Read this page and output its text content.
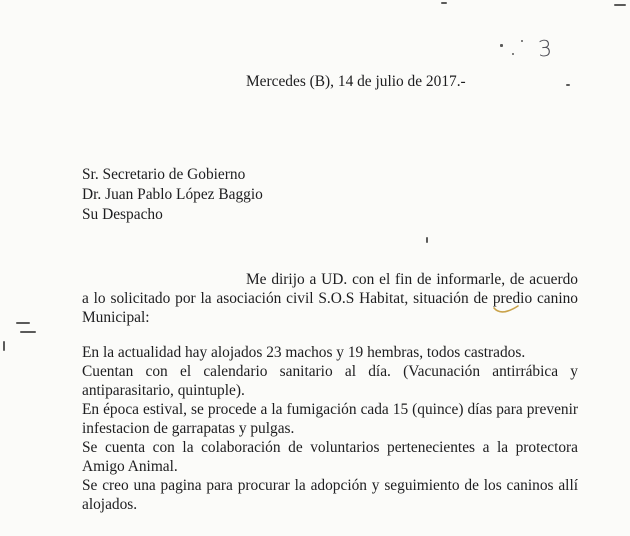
3
Mercedes (B), 14 de julio de 2017.-
Sr. Secretario de Gobierno
Dr. Juan Pablo López Baggio
Su Despacho

Me dirijo a UD. con el fin de informarle, de acuerdo a lo solicitado por la asociación civil S.O.S Habitat, situación de predio canino Municipal:

En la actualidad hay alojados 23 machos y 19 hembras, todos castrados.

Cuentan con el calendario sanitario al día. (Vacunación antirrábica y antiparasitario, quintuple).

En época estival, se procede a la fumigación cada 15 (quince) días para prevenir infestacion de garrapatas y pulgas.

Se cuenta con la colaboración de voluntarios pertenecientes a la protectora Amigo Animal.

Se creo una pagina para procurar la adopción y seguimiento de los caninos allí alojados.
